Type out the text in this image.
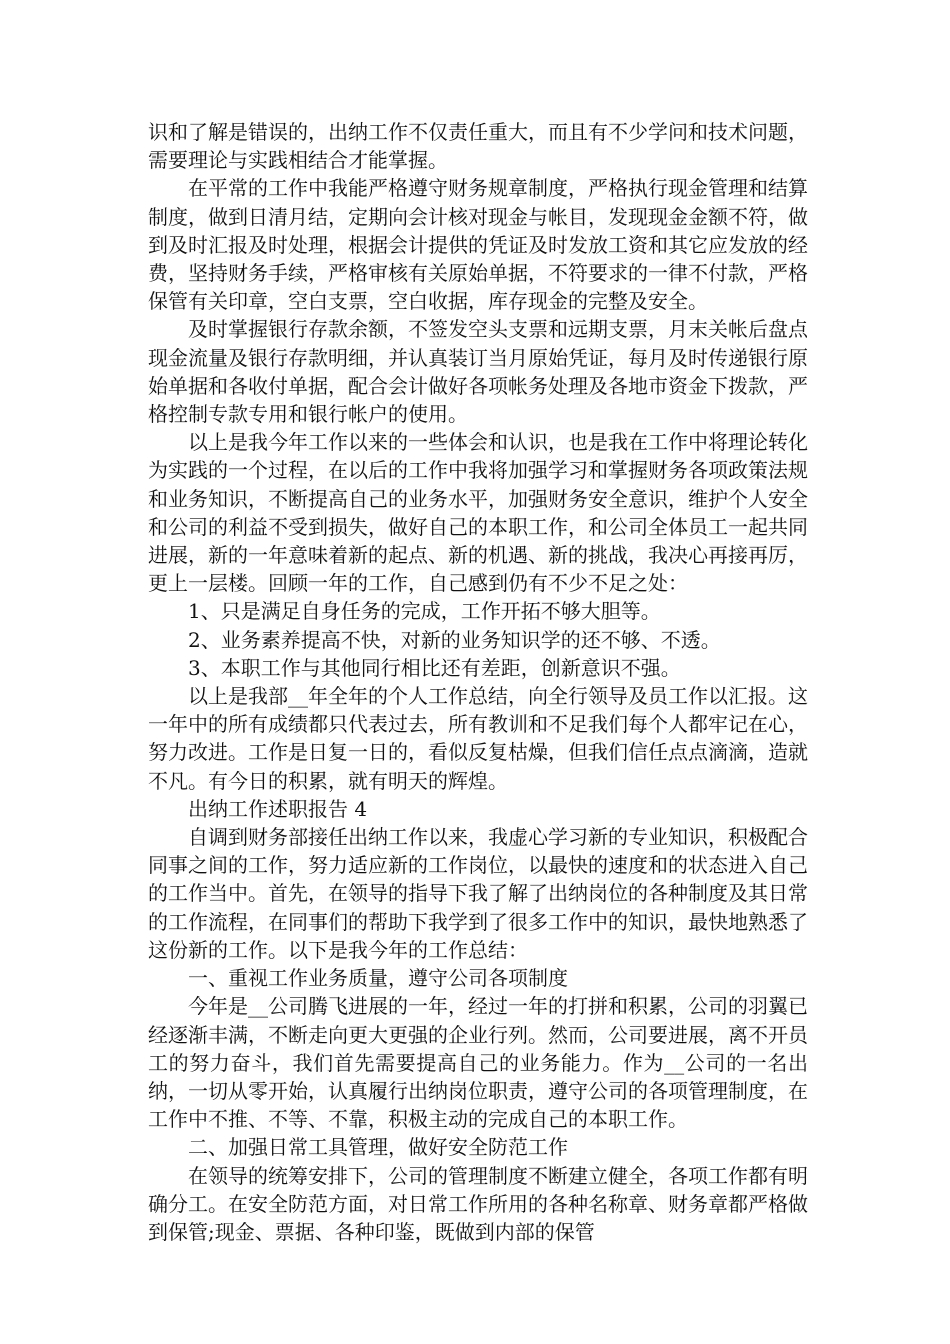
识和了解是错误的，出纳工作不仅责任重大，而且有不少学问和技术问题，需要理论与实践相结合才能掌握。

在平常的工作中我能严格遵守财务规章制度，严格执行现金管理和结算制度，做到日清月结，定期向会计核对现金与帐目，发现现金金额不符，做到及时汇报及时处理，根据会计提供的凭证及时发放工资和其它应发放的经费，坚持财务手续，严格审核有关原始单据，不符要求的一律不付款，严格保管有关印章，空白支票，空白收据，库存现金的完整及安全。

及时掌握银行存款余额，不签发空头支票和远期支票，月末关帐后盘点现金流量及银行存款明细，并认真装订当月原始凭证，每月及时传递银行原始单据和各收付单据，配合会计做好各项帐务处理及各地市资金下拨款，严格控制专款专用和银行帐户的使用。

以上是我今年工作以来的一些体会和认识，也是我在工作中将理论转化为实践的一个过程，在以后的工作中我将加强学习和掌握财务各项政策法规和业务知识，不断提高自己的业务水平，加强财务安全意识，维护个人安全和公司的利益不受到损失，做好自己的本职工作，和公司全体员工一起共同进展，新的一年意味着新的起点、新的机遇、新的挑战，我决心再接再厉，更上一层楼。回顾一年的工作，自己感到仍有不少不足之处：

1、只是满足自身任务的完成，工作开拓不够大胆等。

2、业务素养提高不快，对新的业务知识学的还不够、不透。

3、本职工作与其他同行相比还有差距，创新意识不强。

以上是我部__年全年的个人工作总结，向全行领导及员工作以汇报。这一年中的所有成绩都只代表过去，所有教训和不足我们每个人都牢记在心，努力改进。工作是日复一日的，看似反复枯燥，但我们信任点点滴滴，造就不凡。有今日的积累，就有明天的辉煌。

出纳工作述职报告 4

自调到财务部接任出纳工作以来，我虚心学习新的专业知识，积极配合同事之间的工作，努力适应新的工作岗位，以最快的速度和的状态进入自己的工作当中。首先，在领导的指导下我了解了出纳岗位的各种制度及其日常的工作流程，在同事们的帮助下我学到了很多工作中的知识，最快地熟悉了这份新的工作。以下是我今年的工作总结：

一、重视工作业务质量，遵守公司各项制度

今年是__公司腾飞进展的一年，经过一年的打拼和积累，公司的羽翼已经逐渐丰满，不断走向更大更强的企业行列。然而，公司要进展，离不开员工的努力奋斗，我们首先需要提高自己的业务能力。作为__公司的一名出纳，一切从零开始，认真履行出纳岗位职责，遵守公司的各项管理制度，在工作中不推、不等、不靠，积极主动的完成自己的本职工作。

二、加强日常工具管理，做好安全防范工作

在领导的统筹安排下，公司的管理制度不断建立健全，各项工作都有明确分工。在安全防范方面，对日常工作所用的各种名称章、财务章都严格做到保管;现金、票据、各种印鉴，既做到内部的保管
